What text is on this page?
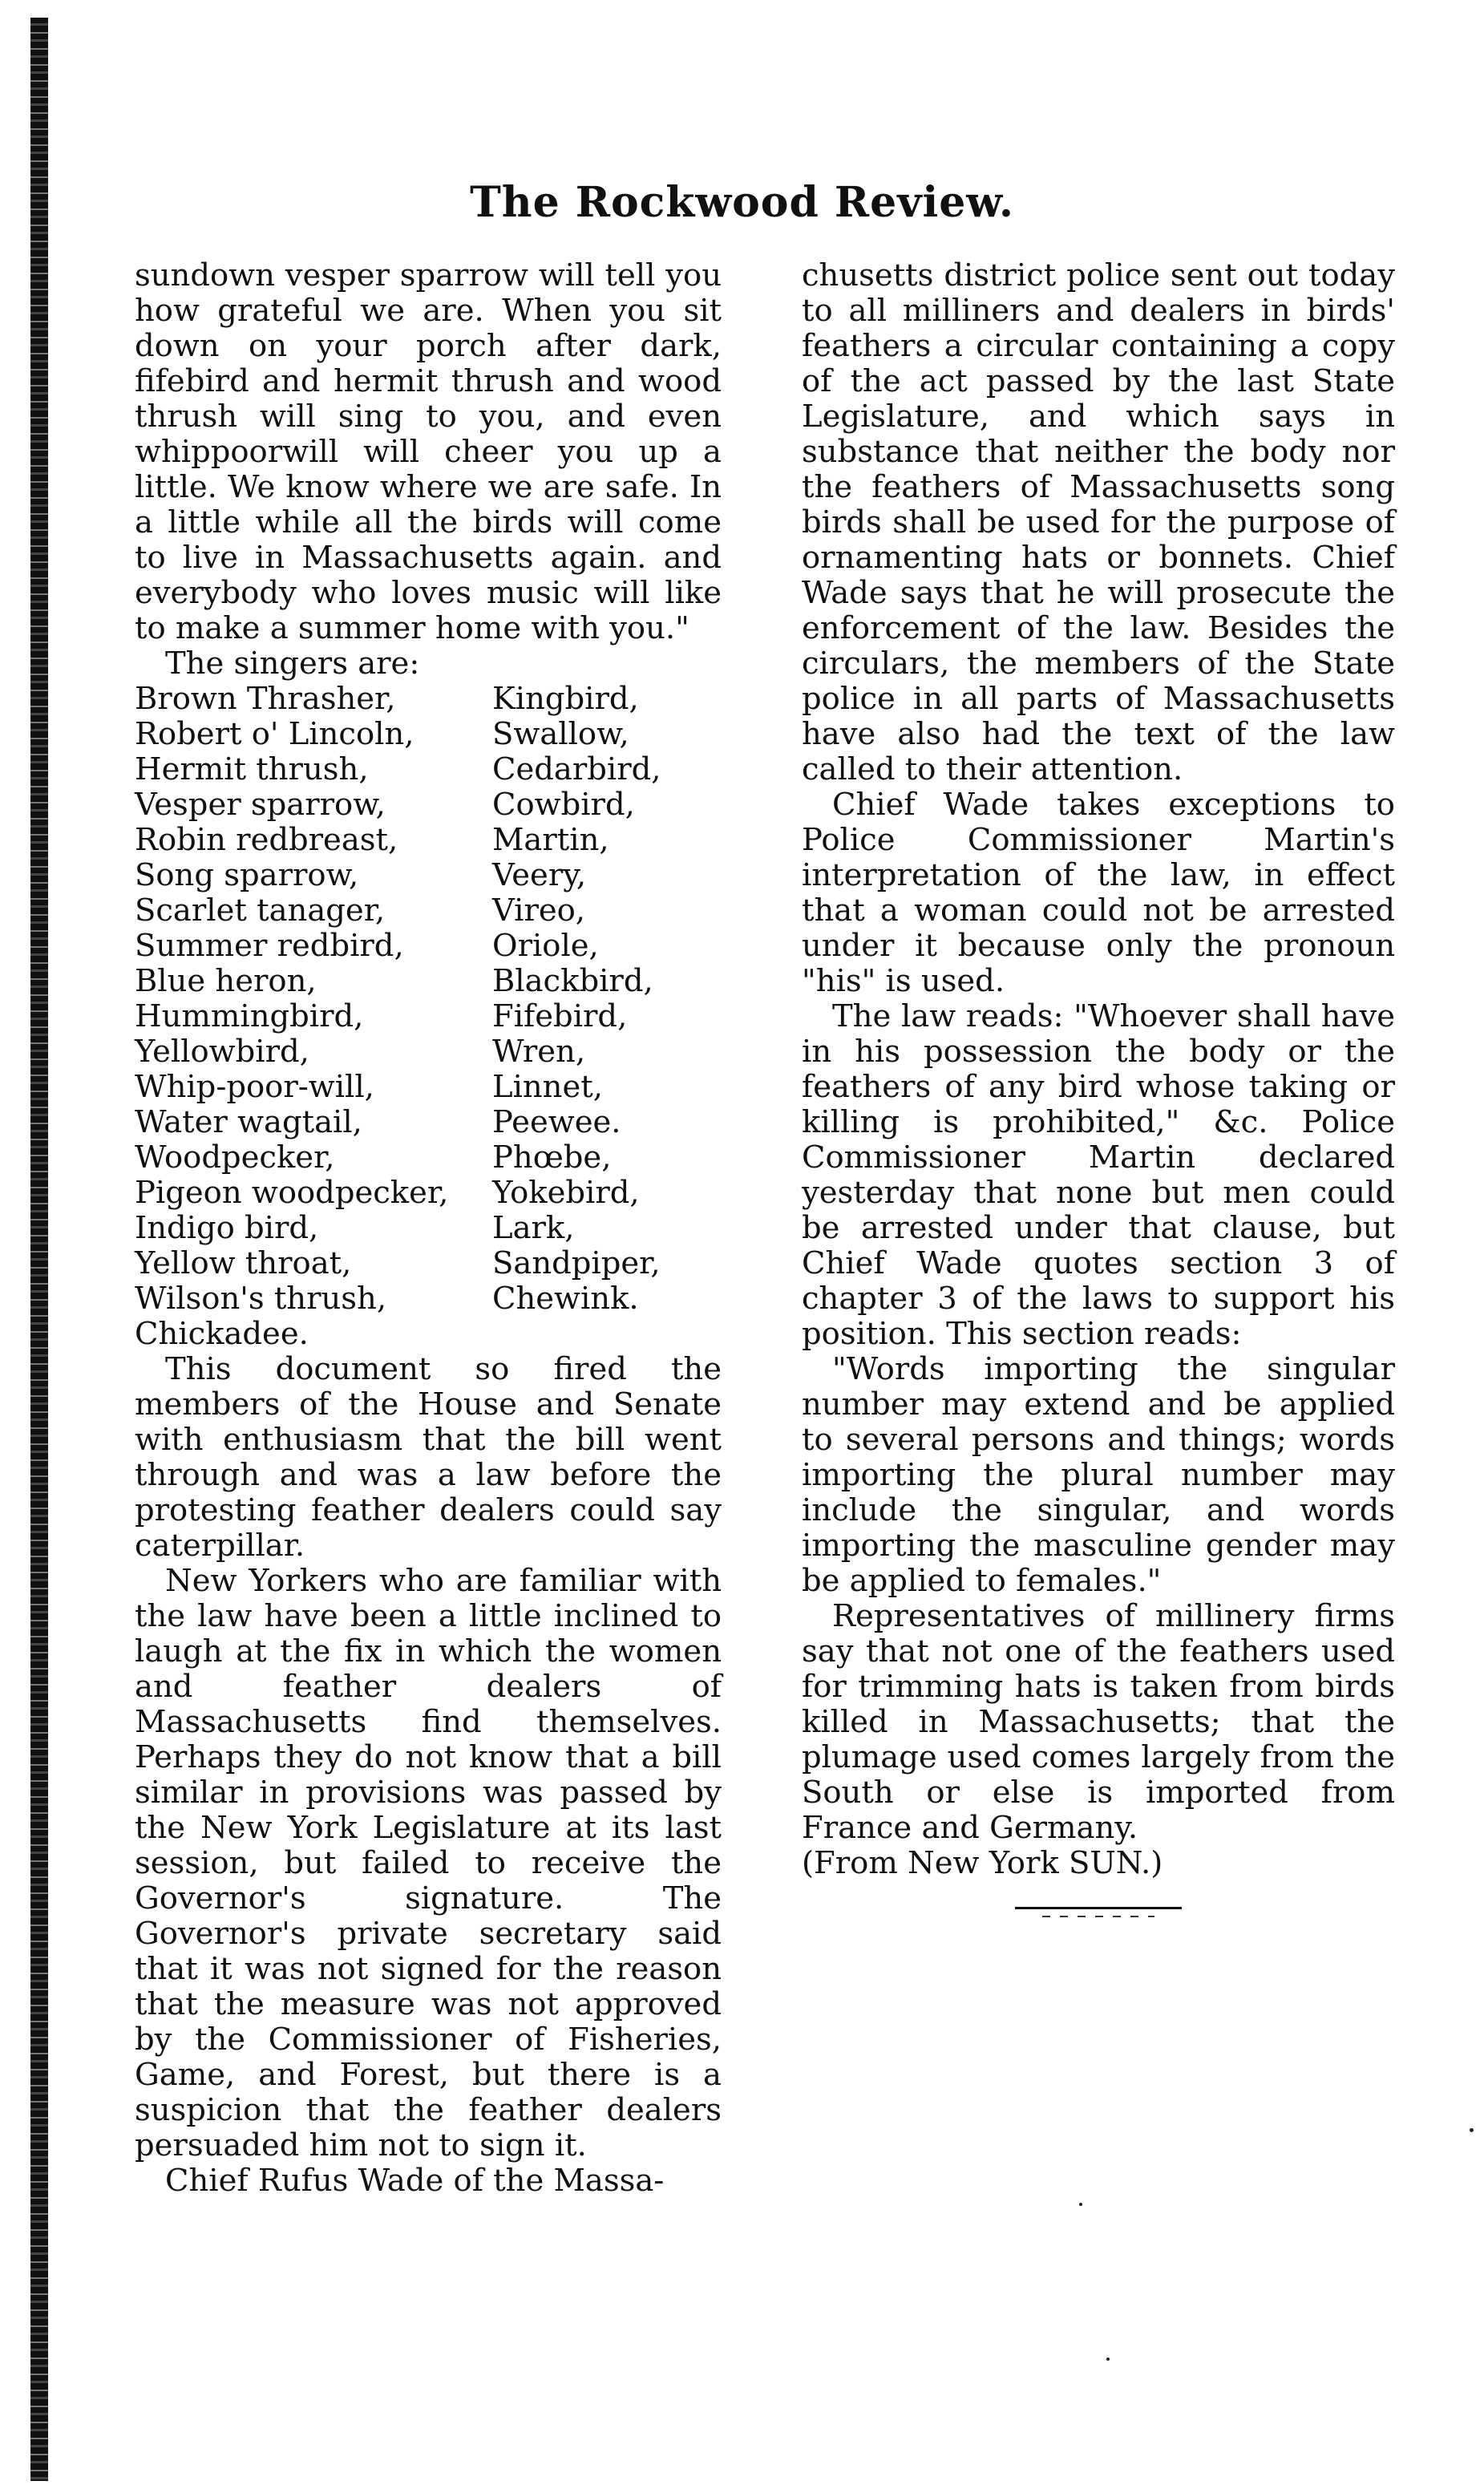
The Rockwood Review.

sundown vesper sparrow will tell you how grateful we are. When you sit down on your porch after dark, fifebird and hermit thrush and wood thrush will sing to you, and even whippoorwill will cheer you up a little. We know where we are safe. In a little while all the birds will come to live in Massachusetts again. and everybody who loves music will like to make a summer home with you."

The singers are:

Brown Thrasher,
Robert o' Lincoln,
Hermit thrush,
Vesper sparrow,
Robin redbreast,
Song sparrow,
Scarlet tanager,
Summer redbird,
Blue heron,
Hummingbird,
Yellowbird,
Whip-poor-will,
Water wagtail,
Woodpecker,
Pigeon woodpecker,
Indigo bird,
Yellow throat,
Wilson's thrush,
Chickadee.
Kingbird,
Swallow,
Cedarbird,
Cowbird,
Martin,
Veery,
Vireo,
Oriole,
Blackbird,
Fifebird,
Wren,
Linnet,
Peewee.
Phœbe,
Yokebird,
Lark,
Sandpiper,
Chewink.

This document so fired the members of the House and Senate with enthusiasm that the bill went through and was a law before the protesting feather dealers could say caterpillar.

New Yorkers who are familiar with the law have been a little inclined to laugh at the fix in which the women and feather dealers of Massachusetts find themselves. Perhaps they do not know that a bill similar in provisions was passed by the New York Legislature at its last session, but failed to receive the Governor's signature. The Governor's private secretary said that it was not signed for the reason that the measure was not approved by the Commissioner of Fisheries, Game, and Forest, but there is a suspicion that the feather dealers persuaded him not to sign it.

Chief Rufus Wade of the Massa-

chusetts district police sent out today to all milliners and dealers in birds' feathers a circular containing a copy of the act passed by the last State Legislature, and which says in substance that neither the body nor the feathers of Massachusetts song birds shall be used for the purpose of ornamenting hats or bonnets. Chief Wade says that he will prosecute the enforcement of the law. Besides the circulars, the members of the State police in all parts of Massachusetts have also had the text of the law called to their attention.

Chief Wade takes exceptions to Police Commissioner Martin's interpretation of the law, in effect that a woman could not be arrested under it because only the pronoun "his" is used.

The law reads: "Whoever shall have in his possession the body or the feathers of any bird whose taking or killing is prohibited," &c. Police Commissioner Martin declared yesterday that none but men could be arrested under that clause, but Chief Wade quotes section 3 of chapter 3 of the laws to support his position. This section reads:

"Words importing the singular number may extend and be applied to several persons and things; words importing the plural number may include the singular, and words importing the masculine gender may be applied to females."

Representatives of millinery firms say that not one of the feathers used for trimming hats is taken from birds killed in Massachusetts; that the plumage used comes largely from the South or else is imported from France and Germany.

(From New York SUN.)
